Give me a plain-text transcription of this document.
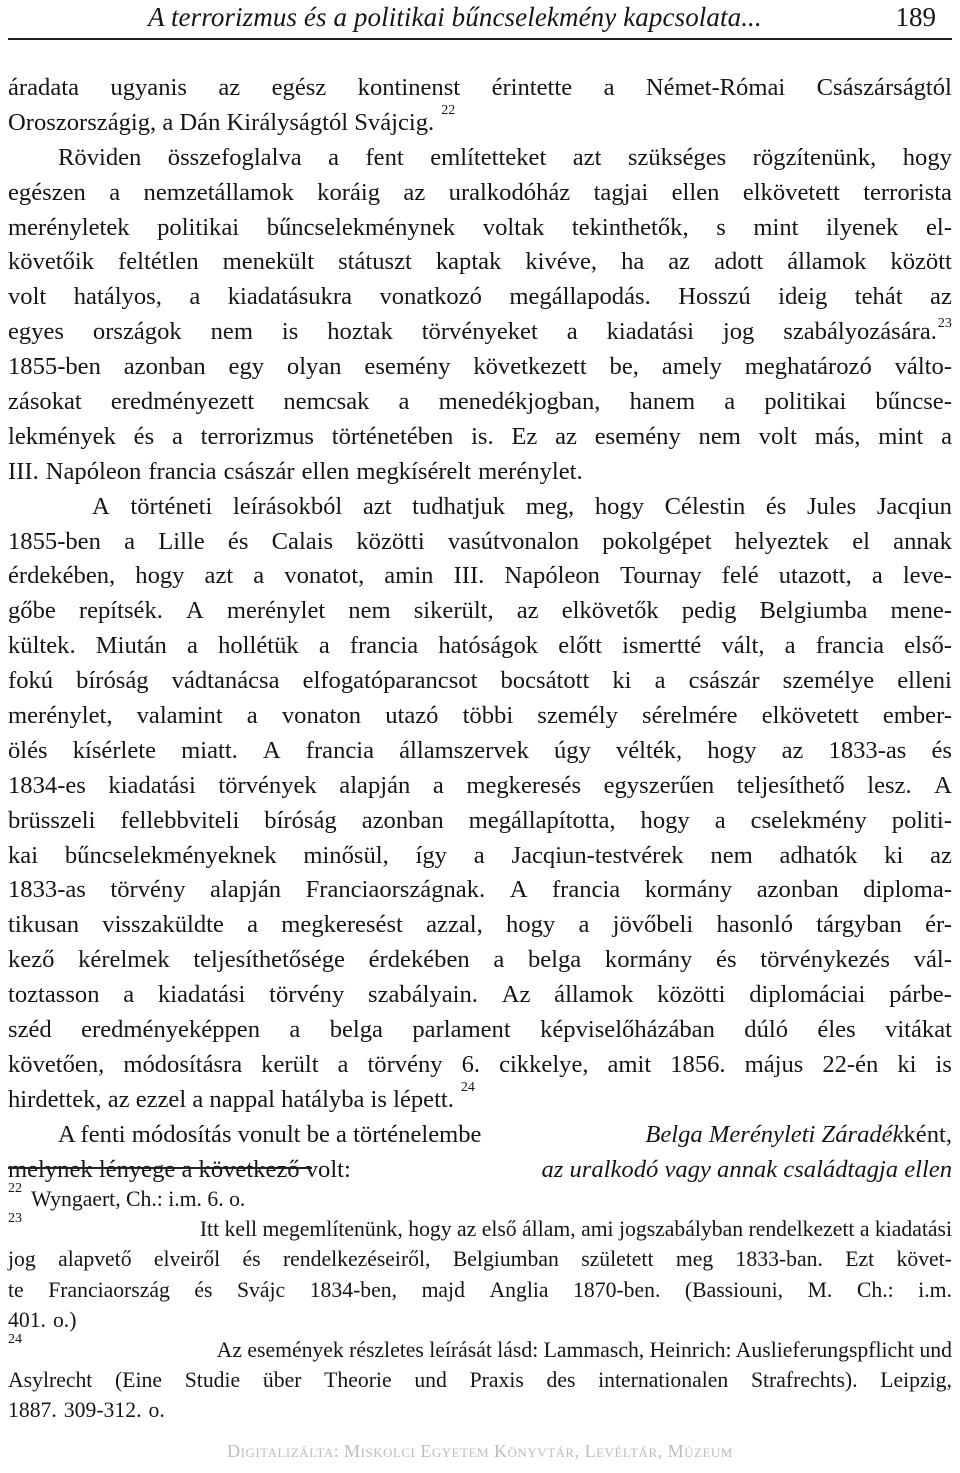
A terrorizmus és a politikai bűncselekmény kapcsolata...	189
áradata ugyanis az egész kontinenst érintette a Német-Római Császárságtól
Oroszországig, a Dán Királyságtól Svájcig. 22
Röviden összefoglalva a fent említetteket azt szükséges rögzítenünk, hogy
egészen a nemzetállamok koráig az uralkodóház tagjai ellen elkövetett terrorista
merényletek politikai bűncselekménynek voltak tekinthetők, s mint ilyenek el-
követőik feltétlen menekült státuszt kaptak kivéve, ha az adott államok között
volt hatályos, a kiadatásukra vonatkozó megállapodás. Hosszú ideig tehát az
egyes országok nem is hoztak törvényeket a kiadatási jog szabályozására.$^{23}$
1855-ben azonban egy olyan esemény következett be, amely meghatározó válto-
zásokat eredményezett nemcsak a menedékjogban, hanem a politikai bűncse-
lekmények és a terrorizmus történetében is. Ez az esemény nem volt más, mint a
III. Napóleon francia császár ellen megkísérelt merénylet.
A történeti leírásokból azt tudhatjuk meg, hogy Célestin és Jules Jacqiun
1855-ben a Lille és Calais közötti vasútvonalon pokolgépet helyeztek el annak
érdekében, hogy azt a vonatot, amin III. Napóleon Tournay felé utazott, a leve-
gőbe repítsék. A merénylet nem sikerült, az elkövetők pedig Belgiumba mene-
kültek. Miután a hollétük a francia hatóságok előtt ismertté vált, a francia első-
fokú bíróság vádtanácsa elfogatóparancsot bocsátott ki a császár személye elleni
merénylet, valamint a vonaton utazó többi személy sérelmére elkövetett ember-
ölés kísérlete miatt. A francia államszervek úgy vélték, hogy az 1833-as és
1834-es kiadatási törvények alapján a megkeresés egyszerűen teljesíthető lesz. A
brüsszeli fellebbviteli bíróság azonban megállapította, hogy a cselekmény politi-
kai bűncselekményeknek minősül, így a Jacqiun-testvérek nem adhatók ki az
1833-as törvény alapján Franciaországnak. A francia kormány azonban diploma-
tikusan visszaküldte a megkeresést azzal, hogy a jövőbeli hasonló tárgyban ér-
kező kérelmek teljesíthetősége érdekében a belga kormány és törvénykezés vál-
toztasson a kiadatási törvény szabályain. Az államok közötti diplomáciai párbe-
széd eredményeképpen a belga parlament képviselőházában dúló éles vitákat
követően, módosításra került a törvény 6. cikkelye, amit 1856. május 22-én ki is
hirdettek, az ezzel a nappal hatályba is lépett. 24
A fenti módosítás vonult be a történelembe	Belga Merényleti Záradékként,
melynek lényege a következő volt:	az uralkodó vagy annak családtagja ellen
22 Wyngaert, Ch.: i.m. 6. o.
23	Itt kell megemlítenünk, hogy az első állam, ami jogszabályban rendelkezett a kiadatási
jog alapvető elveiről és rendelkezéseiről, Belgiumban született meg 1833-ban. Ezt követ-
te Franciaország és Svájc 1834-ben, majd Anglia 1870-ben. (Bassiouni, M. Ch.: i.m.
401. o.)
24	Az események részletes leírását lásd: Lammasch, Heinrich: Auslieferungspflicht und
Asylrecht (Eine Studie über Theorie und Praxis des internationalen Strafrechts). Leipzig,
1887. 309-312. o.
Digitalizálta: Miskolci Egyetem Könyvtár, Levéltár, Múzeum
